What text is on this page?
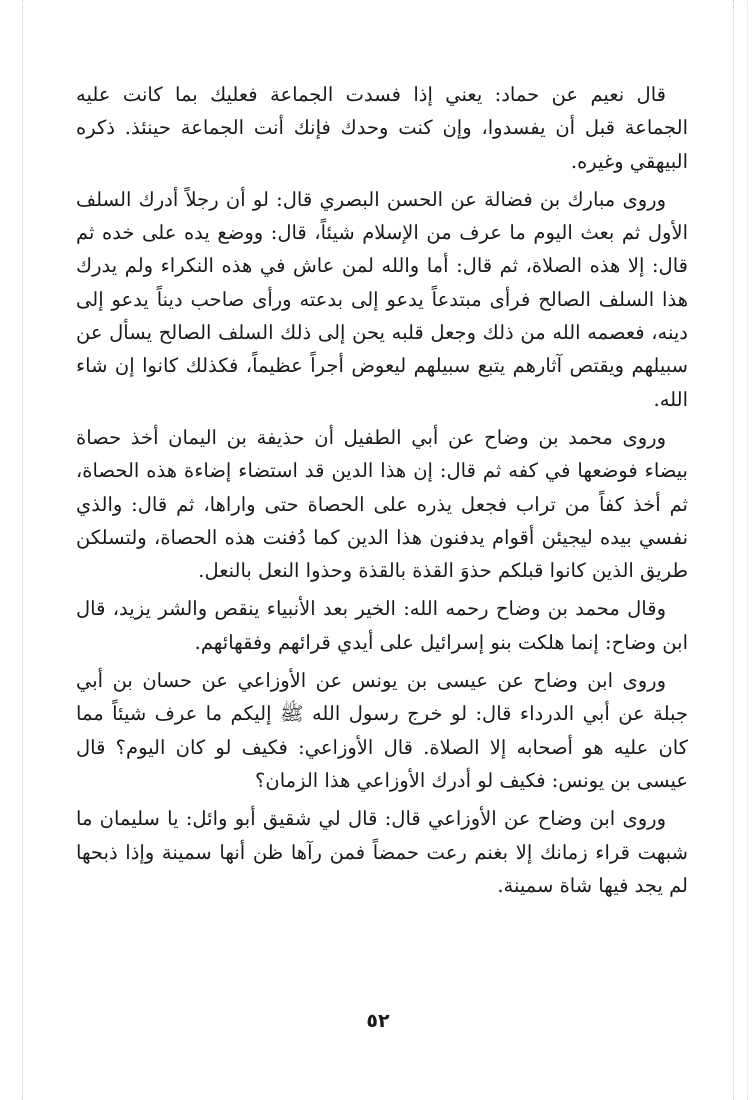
قال نعيم عن حماد: يعني إذا فسدت الجماعة فعليك بما كانت عليه الجماعة قبل أن يفسدوا، وإن كنت وحدك فإنك أنت الجماعة حينئذ. ذكره البيهقي وغيره.

وروى مبارك بن فضالة عن الحسن البصري قال: لو أن رجلاً أدرك السلف الأول ثم بعث اليوم ما عرف من الإسلام شيئاً، قال: ووضع يده على خده ثم قال: إلا هذه الصلاة، ثم قال: أما والله لمن عاش في هذه النكراء ولم يدرك هذا السلف الصالح فرأى مبتدعاً يدعو إلى بدعته ورأى صاحب ديناً يدعو إلى دينه، فعصمه الله من ذلك وجعل قلبه يحن إلى ذلك السلف الصالح يسأل عن سبيلهم ويقتص آثارهم يتبع سبيلهم ليعوض أجراً عظيماً، فكذلك كانوا إن شاء الله.

وروى محمد بن وضاح عن أبي الطفيل أن حذيفة بن اليمان أخذ حصاة بيضاء فوضعها في كفه ثم قال: إن هذا الدين قد استضاء إضاءة هذه الحصاة، ثم أخذ كفاً من تراب فجعل يذره على الحصاة حتى واراها، ثم قال: والذي نفسي بيده ليجيئن أقوام يدفنون هذا الدين كما دُفنت هذه الحصاة، ولتسلكن طريق الذين كانوا قبلكم حذوَ القذة بالقذة وحذوا النعل بالنعل.

وقال محمد بن وضاح رحمه الله: الخير بعد الأنبياء ينقص والشر يزيد، قال ابن وضاح: إنما هلكت بنو إسرائيل على أيدي قرائهم وفقهائهم.

وروى ابن وضاح عن عيسى بن يونس عن الأوزاعي عن حسان بن أبي جبلة عن أبي الدرداء قال: لو خرج رسول الله ﷺ إليكم ما عرف شيئاً مما كان عليه هو أصحابه إلا الصلاة. قال الأوزاعي: فكيف لو كان اليوم؟ قال عيسى بن يونس: فكيف لو أدرك الأوزاعي هذا الزمان؟

وروى ابن وضاح عن الأوزاعي قال: قال لي شقيق أبو وائل: يا سليمان ما شبهت قراء زمانك إلا بغنم رعت حمضاً فمن رآها ظن أنها سمينة وإذا ذبحها لم يجد فيها شاة سمينة.

٥٢
